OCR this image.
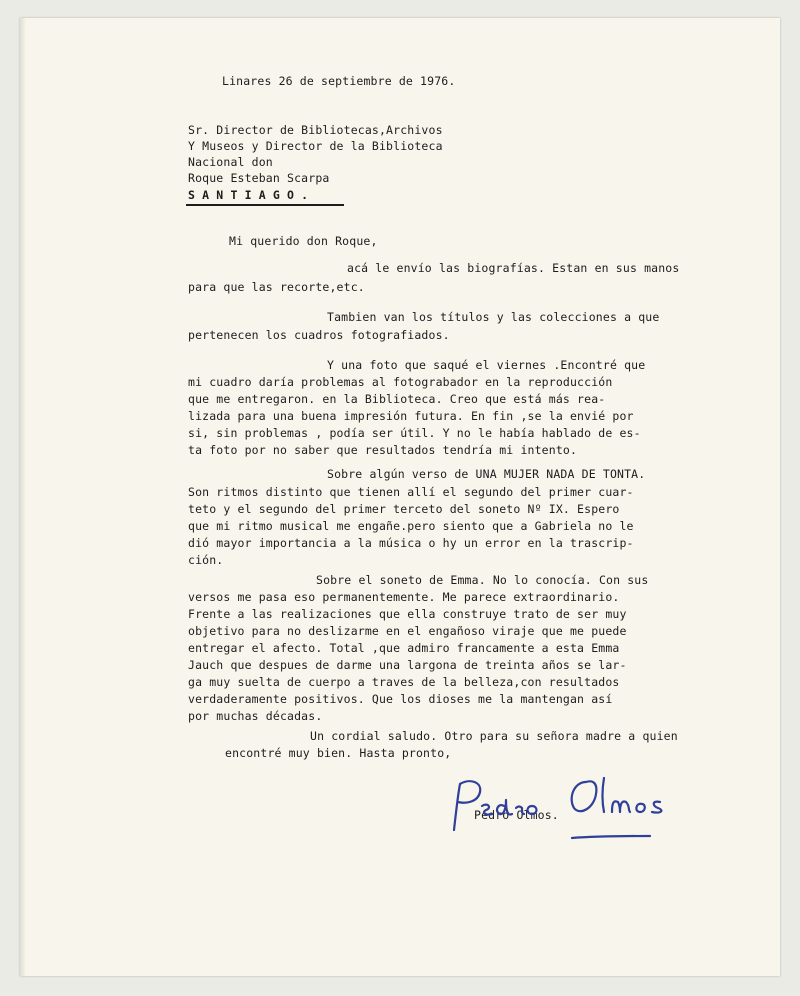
Linares 26 de septiembre de 1976.
Sr. Director de Bibliotecas,Archivos
Y Museos y Director de la Biblioteca
Nacional don
Roque Esteban Scarpa
S A N T I A G O .
Mi querido don Roque,
acá le envío las biografías. Estan en sus manos
para que las recorte,etc.
Tambien van los títulos y las colecciones a que
pertenecen los cuadros fotografiados.
Y una foto que saqué el viernes .Encontré que
mi cuadro daría problemas al fotograbador en la reproducción
que me entregaron. en la Biblioteca. Creo que está más rea-
lizada para una buena impresión futura. En fin ,se la envié por
si, sin problemas , podía ser útil. Y no le había hablado de es-
ta foto por no saber que resultados tendría mi intento.
Sobre algún verso de UNA MUJER NADA DE TONTA.
Son ritmos distinto que tienen allí el segundo del primer cuar-
teto y el segundo del primer terceto del soneto Nº IX. Espero
que mi ritmo musical me engañe.pero siento que a Gabriela no le
dió mayor importancia a la música o hy un error en la trascrip-
ción.
Sobre el soneto de Emma. No lo conocía. Con sus
versos me pasa eso permanentemente. Me parece extraordinario.
Frente a las realizaciones que ella construye trato de ser muy
objetivo para no deslizarme en el engañoso viraje que me puede
entregar el afecto. Total ,que admiro francamente a esta Emma
Jauch que despues de darme una largona de treinta años se lar-
ga muy suelta de cuerpo a traves de la belleza,con resultados
verdaderamente positivos. Que los dioses me la mantengan así
por muchas décadas.
Un cordial saludo. Otro para su señora madre a quien
encontré muy bien. Hasta pronto,
Pedro Olmos.
